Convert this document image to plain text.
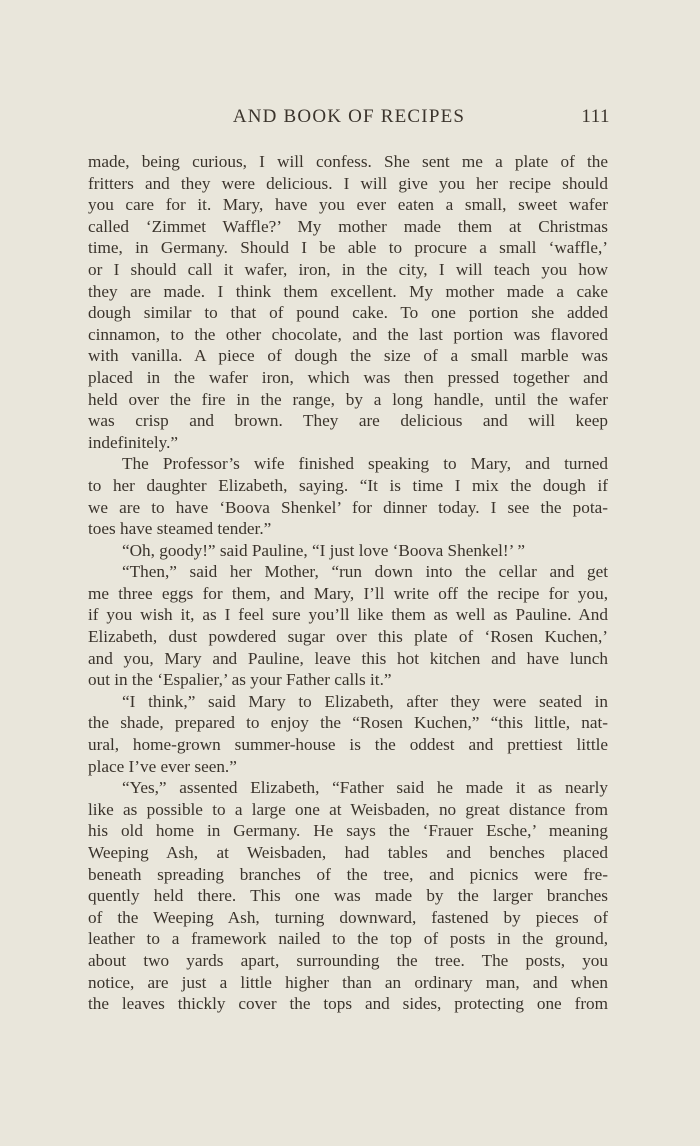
AND BOOK OF RECIPES	111
made, being curious, I will confess. She sent me a plate of the
fritters and they were delicious. I will give you her recipe should
you care for it. Mary, have you ever eaten a small, sweet wafer
called ‘Zimmet Waffle?’ My mother made them at Christmas
time, in Germany. Should I be able to procure a small ‘waffle,’
or I should call it wafer, iron, in the city, I will teach you how
they are made. I think them excellent. My mother made a cake
dough similar to that of pound cake. To one portion she added
cinnamon, to the other chocolate, and the last portion was flavored
with vanilla. A piece of dough the size of a small marble was
placed in the wafer iron, which was then pressed together and
held over the fire in the range, by a long handle, until the wafer
was crisp and brown. They are delicious and will keep
indefinitely.”
The Professor’s wife finished speaking to Mary, and turned
to her daughter Elizabeth, saying. “It is time I mix the dough if
we are to have ‘Boova Shenkel’ for dinner today. I see the pota-
toes have steamed tender.”
“Oh, goody!” said Pauline, “I just love ‘Boova Shenkel!’ ”
“Then,” said her Mother, “run down into the cellar and get
me three eggs for them, and Mary, I’ll write off the recipe for you,
if you wish it, as I feel sure you’ll like them as well as Pauline. And
Elizabeth, dust powdered sugar over this plate of ‘Rosen Kuchen,’
and you, Mary and Pauline, leave this hot kitchen and have lunch
out in the ‘Espalier,’ as your Father calls it.”
“I think,” said Mary to Elizabeth, after they were seated in
the shade, prepared to enjoy the “Rosen Kuchen,” “this little, nat-
ural, home-grown summer-house is the oddest and prettiest little
place I’ve ever seen.”
“Yes,” assented Elizabeth, “Father said he made it as nearly
like as possible to a large one at Weisbaden, no great distance from
his old home in Germany. He says the ‘Frauer Esche,’ meaning
Weeping Ash, at Weisbaden, had tables and benches placed
beneath spreading branches of the tree, and picnics were fre-
quently held there. This one was made by the larger branches
of the Weeping Ash, turning downward, fastened by pieces of
leather to a framework nailed to the top of posts in the ground,
about two yards apart, surrounding the tree. The posts, you
notice, are just a little higher than an ordinary man, and when
the leaves thickly cover the tops and sides, protecting one from
